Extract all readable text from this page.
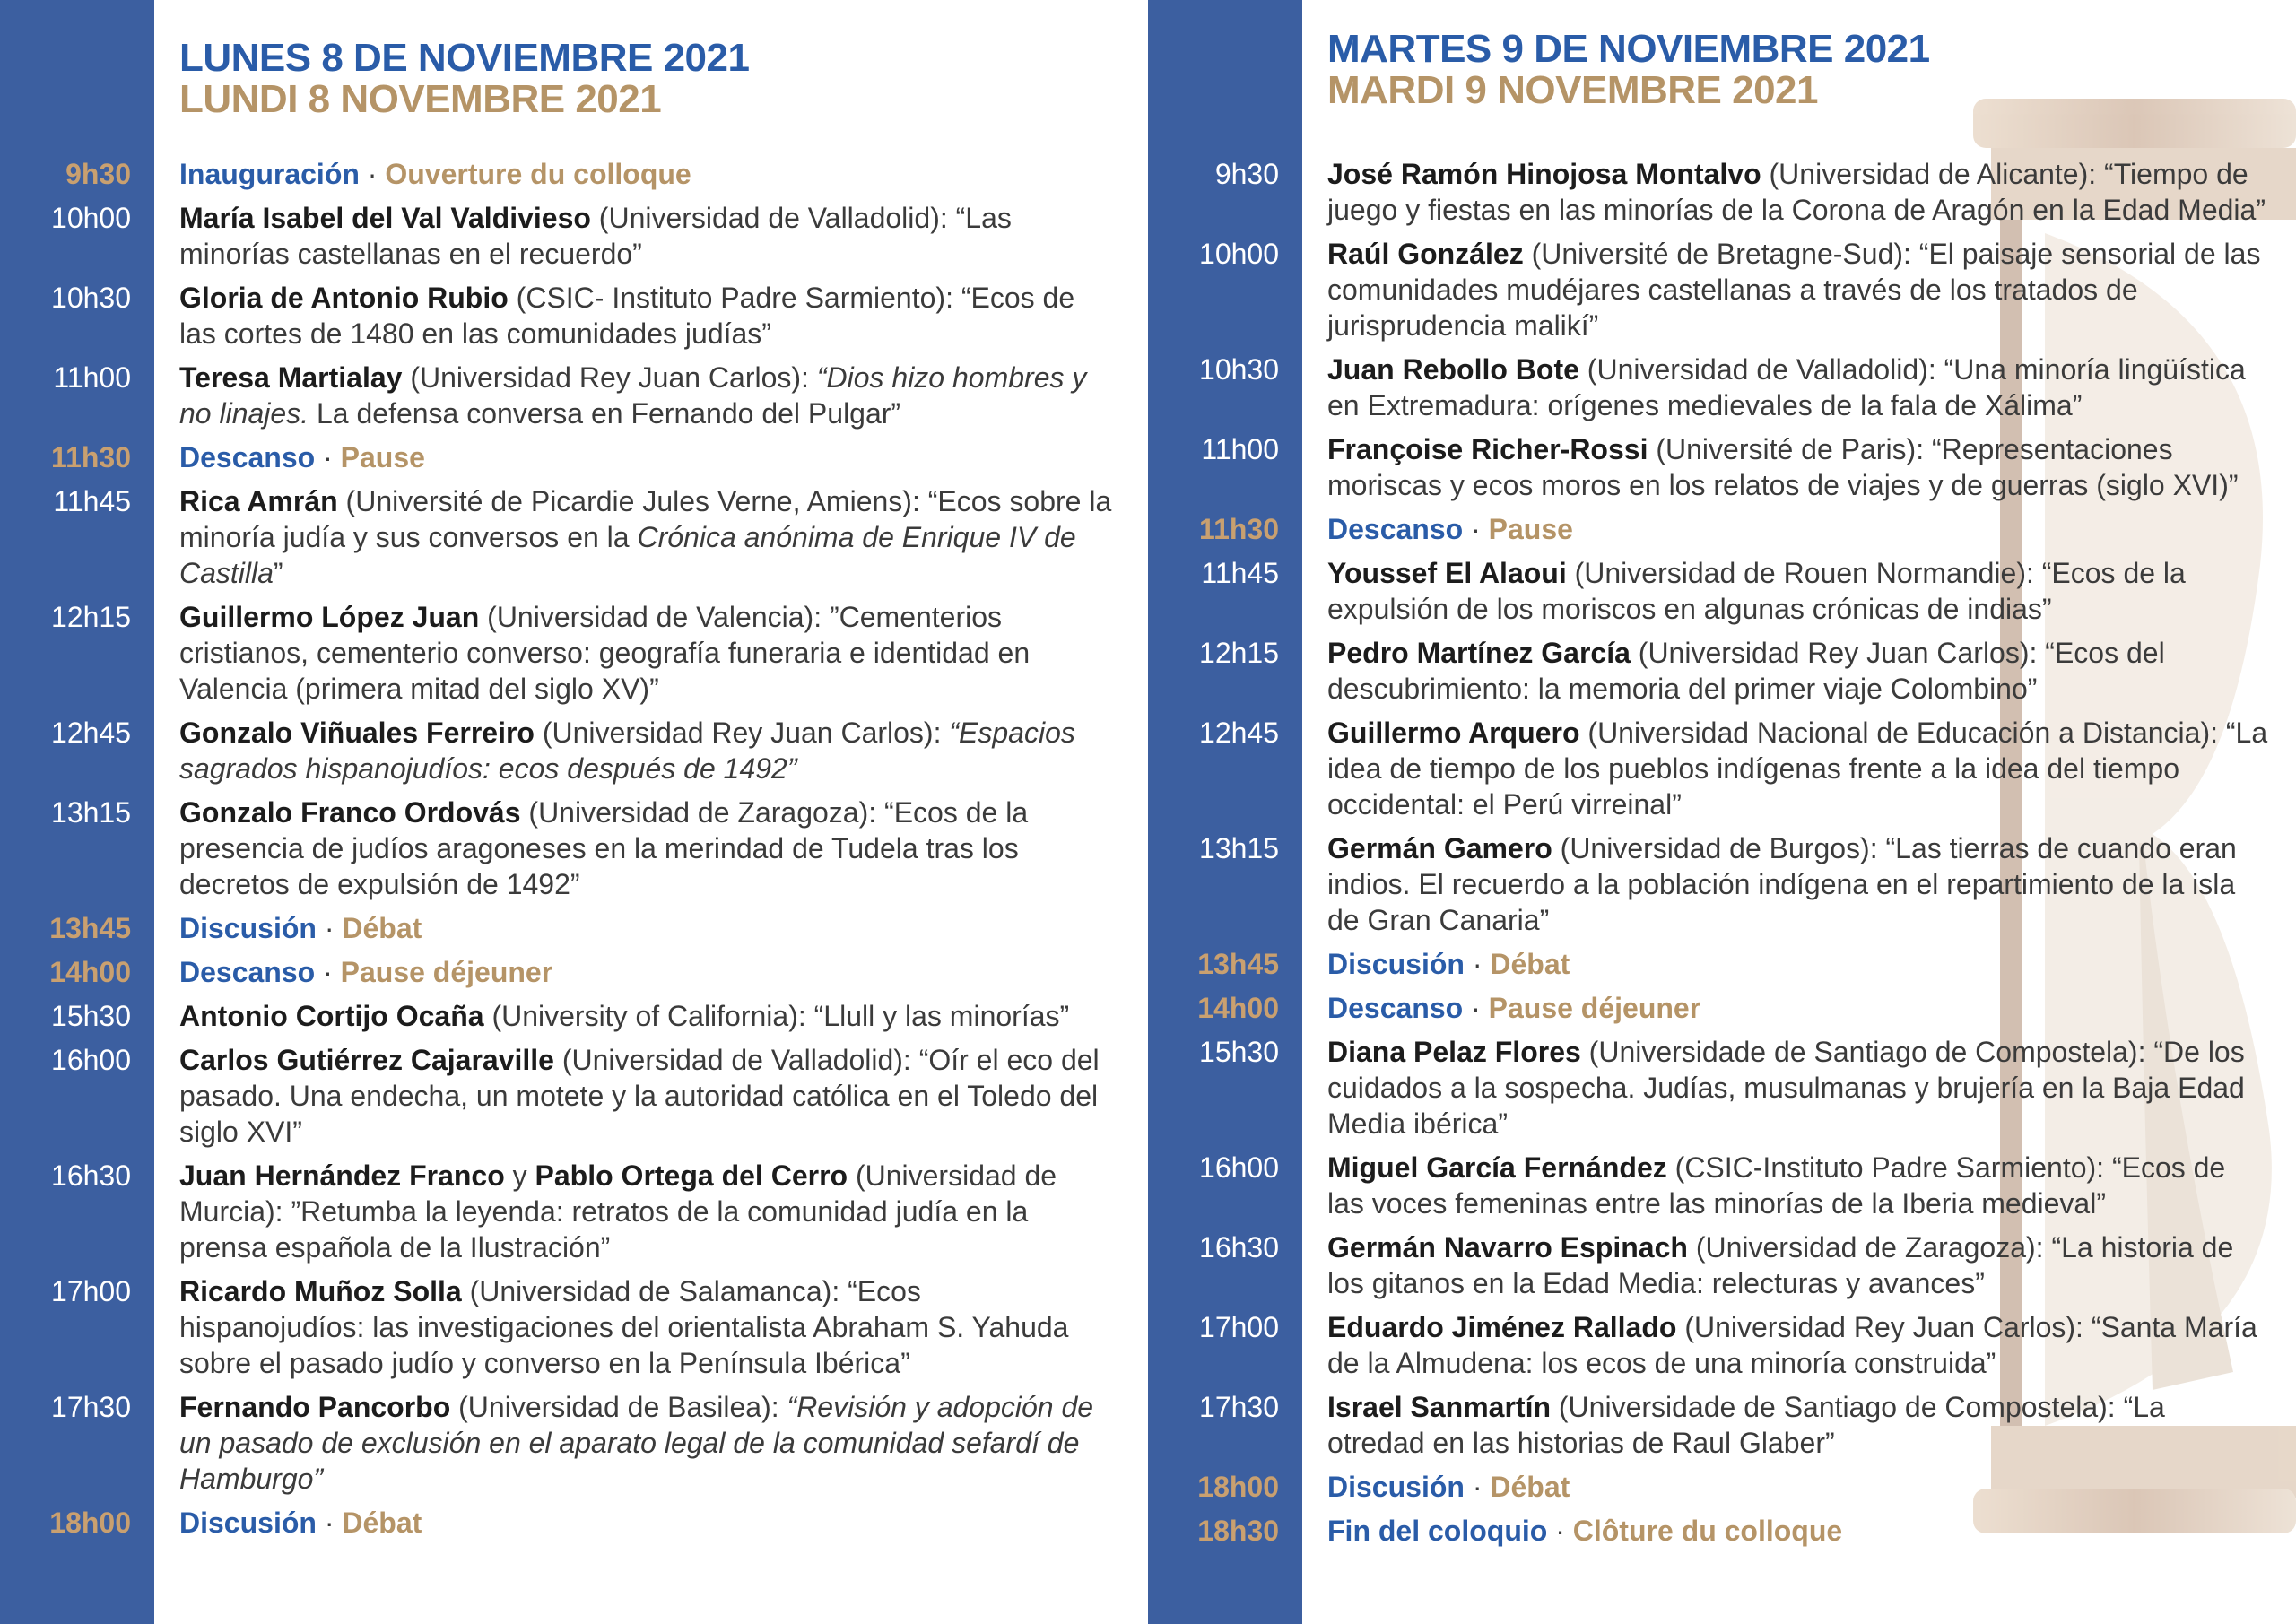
LUNES 8 DE NOVIEMBRE 2021
LUNDI 8 NOVEMBRE 2021
9h30 Inauguración · Ouverture du colloque
10h00 María Isabel del Val Valdivieso (Universidad de Valladolid): “Las minorías castellanas en el recuerdo”
10h30 Gloria de Antonio Rubio (CSIC- Instituto Padre Sarmiento): “Ecos de las cortes de 1480 en las comunidades judías”
11h00 Teresa Martialay (Universidad Rey Juan Carlos): “Dios hizo hombres y no linajes. La defensa conversa en Fernando del Pulgar”
11h30 Descanso · Pause
11h45 Rica Amrán (Université de Picardie Jules Verne, Amiens): “Ecos sobre la minoría judía y sus conversos en la Crónica anónima de Enrique IV de Castilla”
12h15 Guillermo López Juan (Universidad de Valencia): ”Cementerios cristianos, cementerio converso: geografía funeraria e identidad en Valencia (primera mitad del siglo XV)”
12h45 Gonzalo Viñuales Ferreiro (Universidad Rey Juan Carlos): “Espacios sagrados hispanojudíos: ecos después de 1492”
13h15 Gonzalo Franco Ordovás (Universidad de Zaragoza): “Ecos de la presencia de judíos aragoneses en la merindad de Tudela tras los decretos de expulsión de 1492”
13h45 Discusión · Débat
14h00 Descanso · Pause déjeuner
15h30 Antonio Cortijo Ocaña (University of California): “Llull y las minorías”
16h00 Carlos Gutiérrez Cajaraville (Universidad de Valladolid): “Oír el eco del pasado. Una endecha, un motete y la autoridad católica en el Toledo del siglo XVI”
16h30 Juan Hernández Franco y Pablo Ortega del Cerro (Universidad de Murcia): ”Retumba la leyenda: retratos de la comunidad judía en la prensa española de la Ilustración”
17h00 Ricardo Muñoz Solla (Universidad de Salamanca): “Ecos hispanojudíos: las investigaciones del orientalista Abraham S. Yahuda sobre el pasado judío y converso en la Península Ibérica”
17h30 Fernando Pancorbo (Universidad de Basilea): “Revisión y adopción de un pasado de exclusión en el aparato legal de la comunidad sefardí de Hamburgo”
18h00 Discusión · Débat
MARTES 9 DE NOVIEMBRE 2021
MARDI 9 NOVEMBRE 2021
9h30 José Ramón Hinojosa Montalvo (Universidad de Alicante): “Tiempo de juego y fiestas en las minorías de la Corona de Aragón en la Edad Media”
10h00 Raúl González (Université de Bretagne-Sud): “El paisaje sensorial de las comunidades mudéjares castellanas a través de los tratados de jurisprudencia malikí”
10h30 Juan Rebollo Bote (Universidad de Valladolid): “Una minoría lingüística en Extremadura: orígenes medievales de la fala de Xálima”
11h00 Françoise Richer-Rossi (Université de Paris): “Representaciones moriscas y ecos moros en los relatos de viajes y de guerras (siglo XVI)”
11h30 Descanso · Pause
11h45 Youssef El Alaoui (Universidad de Rouen Normandie): “Ecos de la expulsión de los moriscos en algunas crónicas de indias”
12h15 Pedro Martínez García (Universidad Rey Juan Carlos): “Ecos del descubrimiento: la memoria del primer viaje Colombino”
12h45 Guillermo Arquero (Universidad Nacional de Educación a Distancia): “La idea de tiempo de los pueblos indígenas frente a la idea del tiempo occidental: el Perú virreinal”
13h15 Germán Gamero (Universidad de Burgos): “Las tierras de cuando eran indios. El recuerdo a la población indígena en el repartimiento de la isla de Gran Canaria”
13h45 Discusión · Débat
14h00 Descanso · Pause déjeuner
15h30 Diana Pelaz Flores (Universidade de Santiago de Compostela): “De los cuidados a la sospecha. Judías, musulmanas y brujería en la Baja Edad Media ibérica”
16h00 Miguel García Fernández (CSIC-Instituto Padre Sarmiento): “Ecos de las voces femeninas entre las minorías de la Iberia medieval”
16h30 Germán Navarro Espinach (Universidad de Zaragoza): “La historia de los gitanos en la Edad Media: relecturas y avances”
17h00 Eduardo Jiménez Rallado (Universidad Rey Juan Carlos): “Santa María de la Almudena: los ecos de una minoría construida”
17h30 Israel Sanmartín (Universidade de Santiago de Compostela): “La otredad en las historias de Raul Glaber”
18h00 Discusión · Débat
18h30 Fin del coloquio · Clôture du colloque
